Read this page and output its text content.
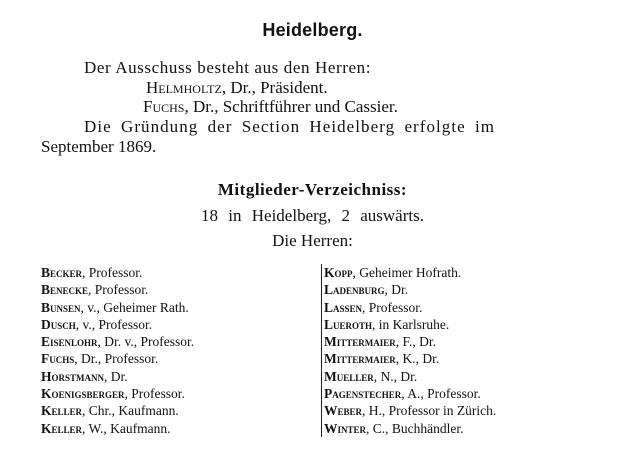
Heidelberg.
Der Ausschuss besteht aus den Herren:
Helmholtz, Dr., Präsident.
Fuchs, Dr., Schriftführer und Cassier.
Die Gründung der Section Heidelberg erfolgte im
September 1869.
Mitglieder-Verzeichniss:
18 in Heidelberg, 2 auswärts.
Die Herren:
Becker, Professor.
Benecke, Professor.
Bunsen, v., Geheimer Rath.
Dusch, v., Professor.
Eisenlohr, Dr. v., Professor.
Fuchs, Dr., Professor.
Horstmann, Dr.
Koenigsberger, Professor.
Keller, Chr., Kaufmann.
Keller, W., Kaufmann.
Kopp, Geheimer Hofrath.
Ladenburg, Dr.
Lassen, Professor.
Lueroth, in Karlsruhe.
Mittermaier, F., Dr.
Mittermaier, K., Dr.
Mueller, N., Dr.
Pagenstecher, A., Professor.
Weber, H., Professor in Zürich.
Winter, C., Buchhändler.
